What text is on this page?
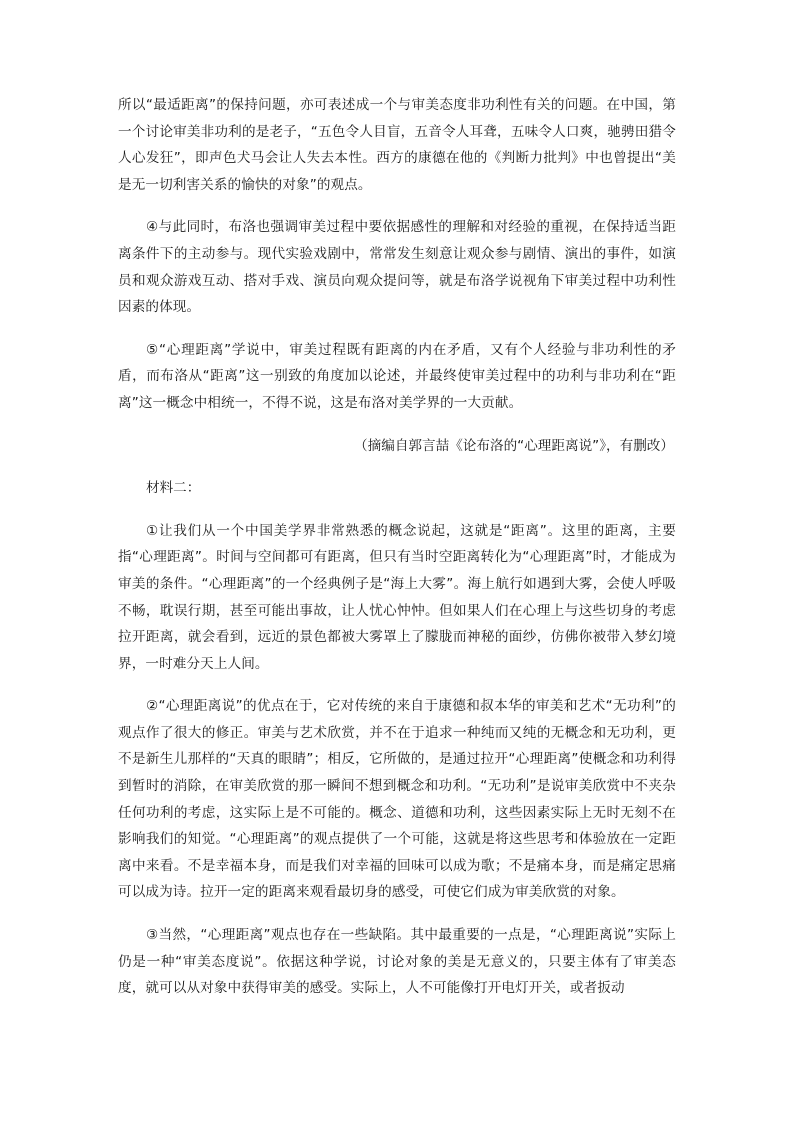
所以“最适距离”的保持问题，亦可表述成一个与审美态度非功利性有关的问题。在中国，第一个讨论审美非功利的是老子，“五色令人目盲，五音令人耳聋，五味令人口爽，驰骋田猎令人心发狂”，即声色犬马会让人失去本性。西方的康德在他的《判断力批判》中也曾提出“美是无一切利害关系的愉快的对象”的观点。

④与此同时，布洛也强调审美过程中要依据感性的理解和对经验的重视，在保持适当距离条件下的主动参与。现代实验戏剧中，常常发生刻意让观众参与剧情、演出的事件，如演员和观众游戏互动、搭对手戏、演员向观众提问等，就是布洛学说视角下审美过程中功利性因素的体现。

⑤“心理距离”学说中，审美过程既有距离的内在矛盾，又有个人经验与非功利性的矛盾，而布洛从“距离”这一别致的角度加以论述，并最终使审美过程中的功利与非功利在“距离”这一概念中相统一，不得不说，这是布洛对美学界的一大贡献。

（摘编自郭言喆《论布洛的“心理距离说”》，有删改）

材料二：

①让我们从一个中国美学界非常熟悉的概念说起，这就是“距离”。这里的距离，主要指“心理距离”。时间与空间都可有距离，但只有当时空距离转化为“心理距离”时，才能成为审美的条件。“心理距离”的一个经典例子是“海上大雾”。海上航行如遇到大雾，会使人呼吸不畅，耽误行期，甚至可能出事故，让人忧心忡忡。但如果人们在心理上与这些切身的考虑拉开距离，就会看到，远近的景色都被大雾罩上了朦胧而神秘的面纱，仿佛你被带入梦幻境界，一时难分天上人间。

②“心理距离说”的优点在于，它对传统的来自于康德和叔本华的审美和艺术“无功利”的观点作了很大的修正。审美与艺术欣赏，并不在于追求一种纯而又纯的无概念和无功利，更不是新生儿那样的“天真的眼睛”；相反，它所做的，是通过拉开“心理距离”使概念和功利得到暂时的消除，在审美欣赏的那一瞬间不想到概念和功利。“无功利”是说审美欣赏中不夹杂任何功利的考虑，这实际上是不可能的。概念、道德和功利，这些因素实际上无时无刻不在影响我们的知觉。“心理距离”的观点提供了一个可能，这就是将这些思考和体验放在一定距离中来看。不是幸福本身，而是我们对幸福的回味可以成为歌；不是痛本身，而是痛定思痛可以成为诗。拉开一定的距离来观看最切身的感受，可使它们成为审美欣赏的对象。

③当然，“心理距离”观点也存在一些缺陷。其中最重要的一点是，“心理距离说”实际上仍是一种“审美态度说”。依据这种学说，讨论对象的美是无意义的，只要主体有了审美态度，就可以从对象中获得审美的感受。实际上，人不可能像打开电灯开关，或者扳动
